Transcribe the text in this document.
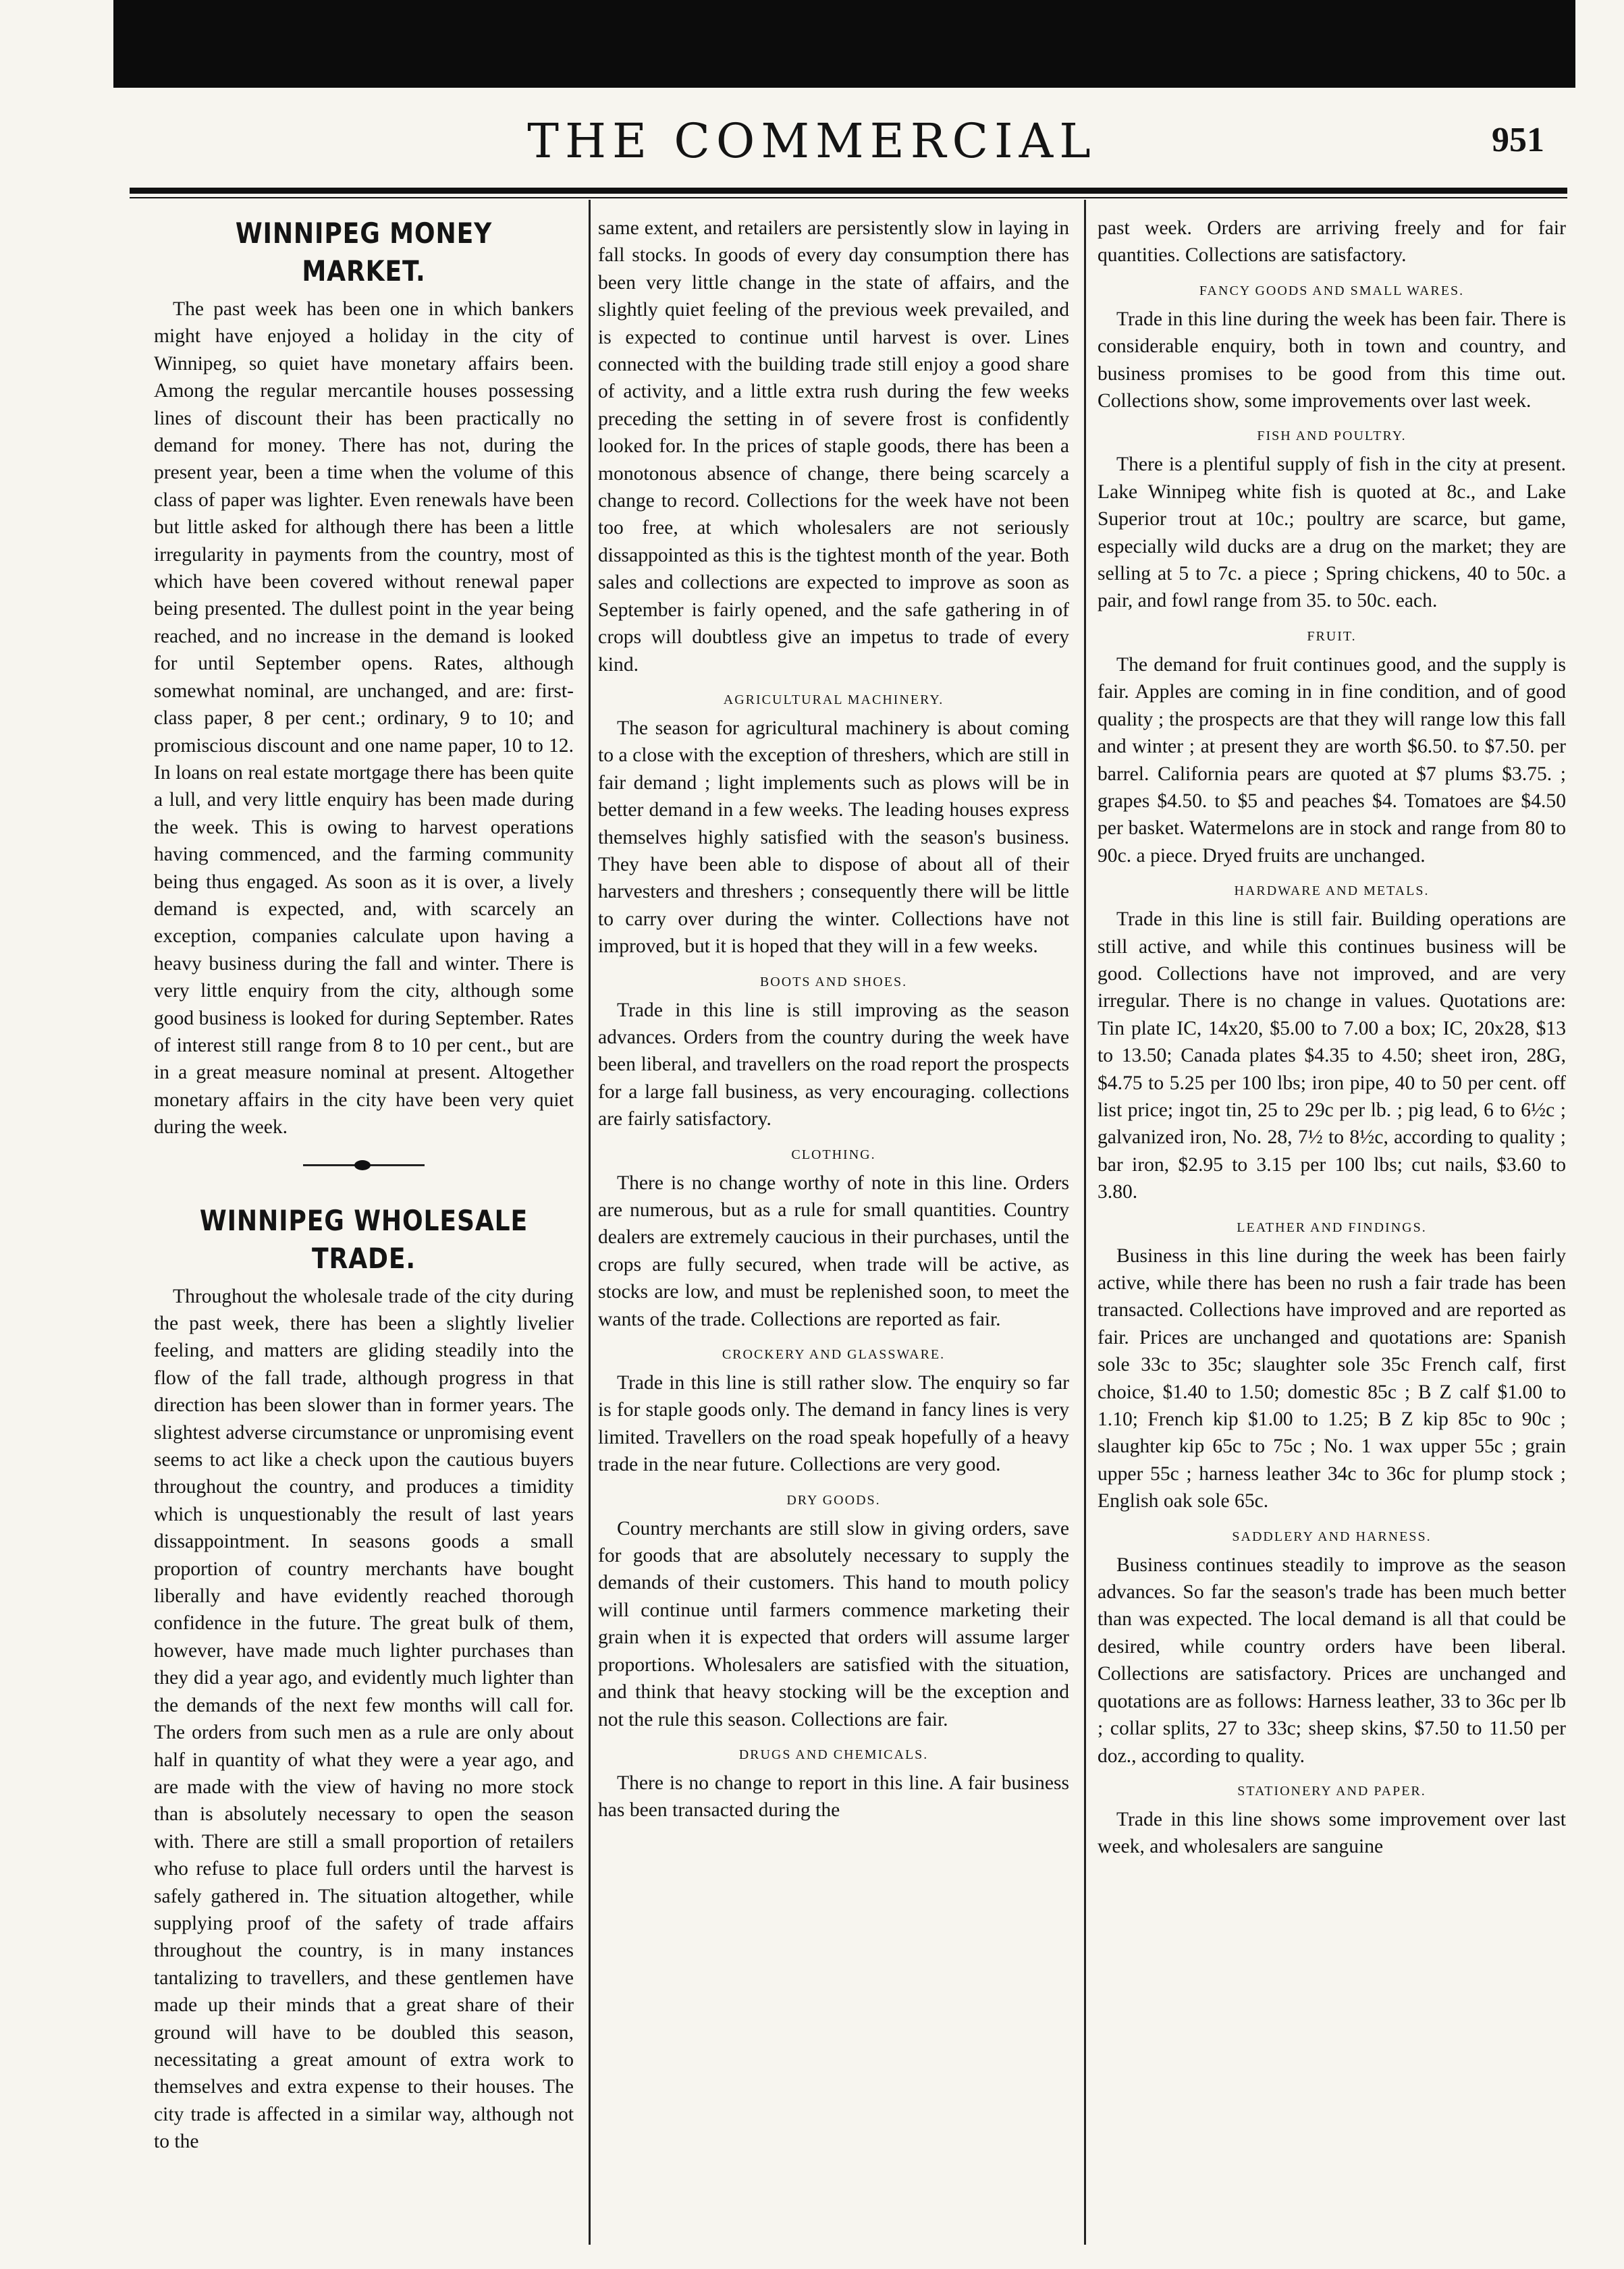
THE COMMERCIAL	951
WINNIPEG MONEY MARKET.

The past week has been one in which bankers might have enjoyed a holiday in the city of Winnipeg, so quiet have monetary affairs been. Among the regular mercantile houses possessing lines of discount their has been practically no demand for money. There has not, during the present year, been a time when the volume of this class of paper was lighter. Even renewals have been but little asked for although there has been a little irregularity in payments from the country, most of which have been covered without renewal paper being presented. The dullest point in the year being reached, and no increase in the demand is looked for until September opens. Rates, although somewhat nominal, are unchanged, and are: first-class paper, 8 per cent.; ordinary, 9 to 10; and promiscious discount and one name paper, 10 to 12. In loans on real estate mortgage there has been quite a lull, and very little enquiry has been made during the week. This is owing to harvest operations having commenced, and the farming community being thus engaged. As soon as it is over, a lively demand is expected, and, with scarcely an exception, companies calculate upon having a heavy business during the fall and winter. There is very little enquiry from the city, although some good business is looked for during September. Rates of interest still range from 8 to 10 per cent., but are in a great measure nominal at present. Altogether monetary affairs in the city have been very quiet during the week.

WINNIPEG WHOLESALE TRADE.

Throughout the wholesale trade of the city during the past week, there has been a slightly livelier feeling, and matters are gliding steadily into the flow of the fall trade, although progress in that direction has been slower than in former years. The slightest adverse circumstance or unpromising event seems to act like a check upon the cautious buyers throughout the country, and produces a timidity which is unquestionably the result of last years dissappointment. In seasons goods a small proportion of country merchants have bought liberally and have evidently reached thorough confidence in the future. The great bulk of them, however, have made much lighter purchases than they did a year ago, and evidently much lighter than the demands of the next few months will call for. The orders from such men as a rule are only about half in quantity of what they were a year ago, and are made with the view of having no more stock than is absolutely necessary to open the season with. There are still a small proportion of retailers who refuse to place full orders until the harvest is safely gathered in. The situation altogether, while supplying proof of the safety of trade affairs throughout the country, is in many instances tantalizing to travellers, and these gentlemen have made up their minds that a great share of their ground will have to be doubled this season, necessitating a great amount of extra work to themselves and extra expense to their houses. The city trade is affected in a similar way, although not to the

same extent, and retailers are persistently slow in laying in fall stocks. In goods of every day consumption there has been very little change in the state of affairs, and the slightly quiet feeling of the previous week prevailed, and is expected to continue until harvest is over. Lines connected with the building trade still enjoy a good share of activity, and a little extra rush during the few weeks preceding the setting in of severe frost is confidently looked for. In the prices of staple goods, there has been a monotonous absence of change, there being scarcely a change to record. Collections for the week have not been too free, at which wholesalers are not seriously dissappointed as this is the tightest month of the year. Both sales and collections are expected to improve as soon as September is fairly opened, and the safe gathering in of crops will doubtless give an impetus to trade of every kind.

AGRICULTURAL MACHINERY.

The season for agricultural machinery is about coming to a close with the exception of threshers, which are still in fair demand ; light implements such as plows will be in better demand in a few weeks. The leading houses express themselves highly satisfied with the season's business. They have been able to dispose of about all of their harvesters and threshers ; consequently there will be little to carry over during the winter. Collections have not improved, but it is hoped that they will in a few weeks.

BOOTS AND SHOES.

Trade in this line is still improving as the season advances. Orders from the country during the week have been liberal, and travellers on the road report the prospects for a large fall business, as very encouraging. collections are fairly satisfactory.

CLOTHING.

There is no change worthy of note in this line. Orders are numerous, but as a rule for small quantities. Country dealers are extremely caucious in their purchases, until the crops are fully secured, when trade will be active, as stocks are low, and must be replenished soon, to meet the wants of the trade. Collections are reported as fair.

CROCKERY AND GLASSWARE.

Trade in this line is still rather slow. The enquiry so far is for staple goods only. The demand in fancy lines is very limited. Travellers on the road speak hopefully of a heavy trade in the near future. Collections are very good.

DRY GOODS.

Country merchants are still slow in giving orders, save for goods that are absolutely necessary to supply the demands of their customers. This hand to mouth policy will continue until farmers commence marketing their grain when it is expected that orders will assume larger proportions. Wholesalers are satisfied with the situation, and think that heavy stocking will be the exception and not the rule this season. Collections are fair.

DRUGS AND CHEMICALS.

There is no change to report in this line. A fair business has been transacted during the

past week. Orders are arriving freely and for fair quantities. Collections are satisfactory.

FANCY GOODS AND SMALL WARES.

Trade in this line during the week has been fair. There is considerable enquiry, both in town and country, and business promises to be good from this time out. Collections show, some improvements over last week.

FISH AND POULTRY.

There is a plentiful supply of fish in the city at present. Lake Winnipeg white fish is quoted at 8c., and Lake Superior trout at 10c.; poultry are scarce, but game, especially wild ducks are a drug on the market; they are selling at 5 to 7c. a piece ; Spring chickens, 40 to 50c. a pair, and fowl range from 35. to 50c. each.

FRUIT.

The demand for fruit continues good, and the supply is fair. Apples are coming in in fine condition, and of good quality ; the prospects are that they will range low this fall and winter ; at present they are worth $6.50. to $7.50. per barrel. California pears are quoted at $7 plums $3.75. ; grapes $4.50. to $5 and peaches $4. Tomatoes are $4.50 per basket. Watermelons are in stock and range from 80 to 90c. a piece. Dryed fruits are unchanged.

HARDWARE AND METALS.

Trade in this line is still fair. Building operations are still active, and while this continues business will be good. Collections have not improved, and are very irregular. There is no change in values. Quotations are: Tin plate IC, 14x20, $5.00 to 7.00 a box; IC, 20x28, $13 to 13.50; Canada plates $4.35 to 4.50; sheet iron, 28G, $4.75 to 5.25 per 100 lbs; iron pipe, 40 to 50 per cent. off list price; ingot tin, 25 to 29c per lb. ; pig lead, 6 to 6½c ; galvanized iron, No. 28, 7½ to 8½c, according to quality ; bar iron, $2.95 to 3.15 per 100 lbs; cut nails, $3.60 to 3.80.

LEATHER AND FINDINGS.

Business in this line during the week has been fairly active, while there has been no rush a fair trade has been transacted. Collections have improved and are reported as fair. Prices are unchanged and quotations are: Spanish sole 33c to 35c; slaughter sole 35c French calf, first choice, $1.40 to 1.50; domestic 85c ; B Z calf $1.00 to 1.10; French kip $1.00 to 1.25; B Z kip 85c to 90c ; slaughter kip 65c to 75c ; No. 1 wax upper 55c ; grain upper 55c ; harness leather 34c to 36c for plump stock ; English oak sole 65c.

SADDLERY AND HARNESS.

Business continues steadily to improve as the season advances. So far the season's trade has been much better than was expected. The local demand is all that could be desired, while country orders have been liberal. Collections are satisfactory. Prices are unchanged and quotations are as follows: Harness leather, 33 to 36c per lb ; collar splits, 27 to 33c; sheep skins, $7.50 to 11.50 per doz., according to quality.

STATIONERY AND PAPER.

Trade in this line shows some improvement over last week, and wholesalers are sanguine
